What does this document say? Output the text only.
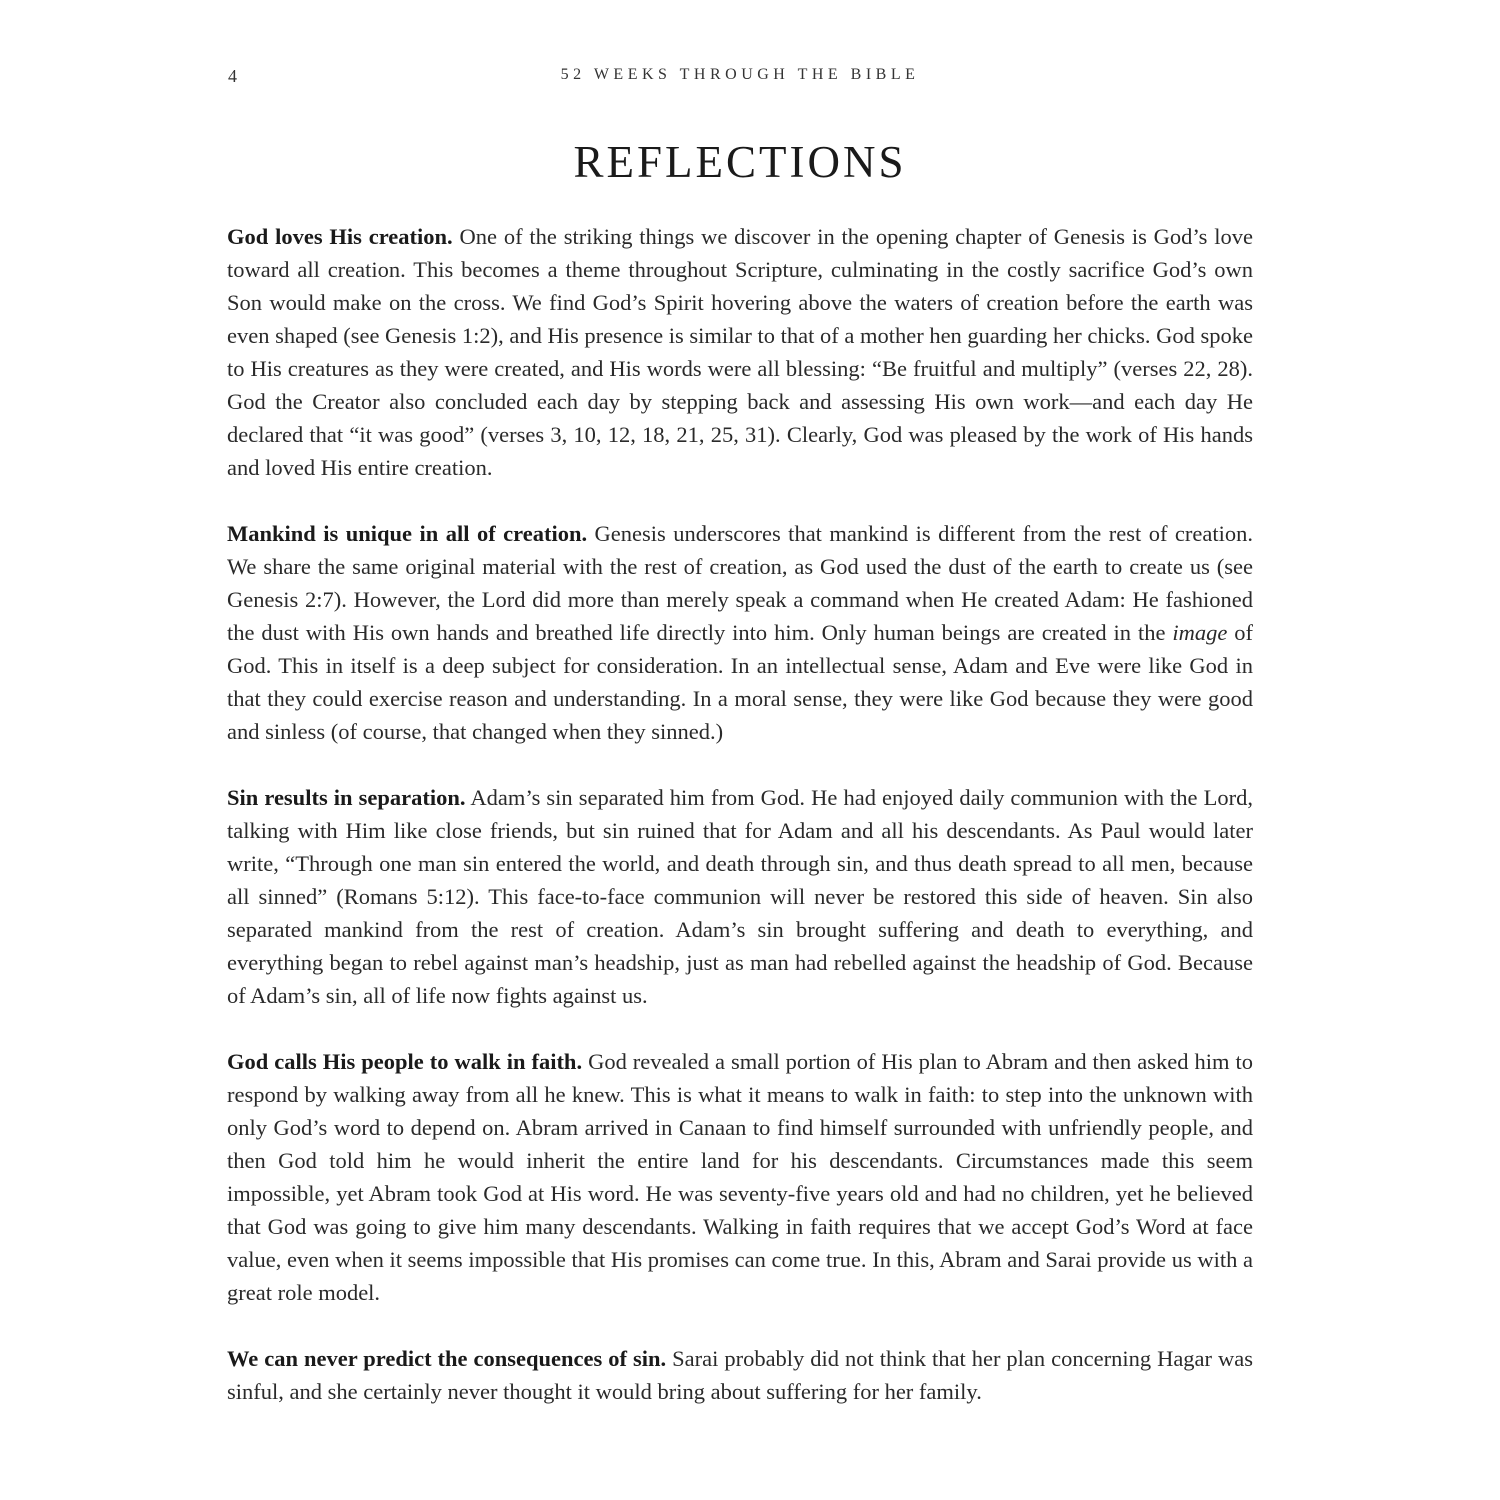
4	52 WEEKS THROUGH THE BIBLE
REFLECTIONS

God loves His creation. One of the striking things we discover in the opening chapter of Genesis is God’s love toward all creation. This becomes a theme throughout Scripture, culminating in the costly sacrifice God’s own Son would make on the cross. We find God’s Spirit hovering above the waters of creation before the earth was even shaped (see Genesis 1:2), and His presence is similar to that of a mother hen guarding her chicks. God spoke to His creatures as they were created, and His words were all blessing: “Be fruitful and multiply” (verses 22, 28). God the Creator also concluded each day by stepping back and assessing His own work—and each day He declared that “it was good” (verses 3, 10, 12, 18, 21, 25, 31). Clearly, God was pleased by the work of His hands and loved His entire creation.

Mankind is unique in all of creation. Genesis underscores that mankind is different from the rest of creation. We share the same original material with the rest of creation, as God used the dust of the earth to create us (see Genesis 2:7). However, the Lord did more than merely speak a command when He created Adam: He fashioned the dust with His own hands and breathed life directly into him. Only human beings are created in the image of God. This in itself is a deep subject for consideration. In an intellectual sense, Adam and Eve were like God in that they could exercise reason and understanding. In a moral sense, they were like God because they were good and sinless (of course, that changed when they sinned.)

Sin results in separation. Adam’s sin separated him from God. He had enjoyed daily communion with the Lord, talking with Him like close friends, but sin ruined that for Adam and all his descendants. As Paul would later write, “Through one man sin entered the world, and death through sin, and thus death spread to all men, because all sinned” (Romans 5:12). This face-to-face communion will never be restored this side of heaven. Sin also separated mankind from the rest of creation. Adam’s sin brought suffering and death to everything, and everything began to rebel against man’s headship, just as man had rebelled against the headship of God. Because of Adam’s sin, all of life now fights against us.

God calls His people to walk in faith. God revealed a small portion of His plan to Abram and then asked him to respond by walking away from all he knew. This is what it means to walk in faith: to step into the unknown with only God’s word to depend on. Abram arrived in Canaan to find himself surrounded with unfriendly people, and then God told him he would inherit the entire land for his descendants. Circumstances made this seem impossible, yet Abram took God at His word. He was seventy-five years old and had no children, yet he believed that God was going to give him many descendants. Walking in faith requires that we accept God’s Word at face value, even when it seems impossible that His promises can come true. In this, Abram and Sarai provide us with a great role model.

We can never predict the consequences of sin. Sarai probably did not think that her plan concerning Hagar was sinful, and she certainly never thought it would bring about suffering for her family.
